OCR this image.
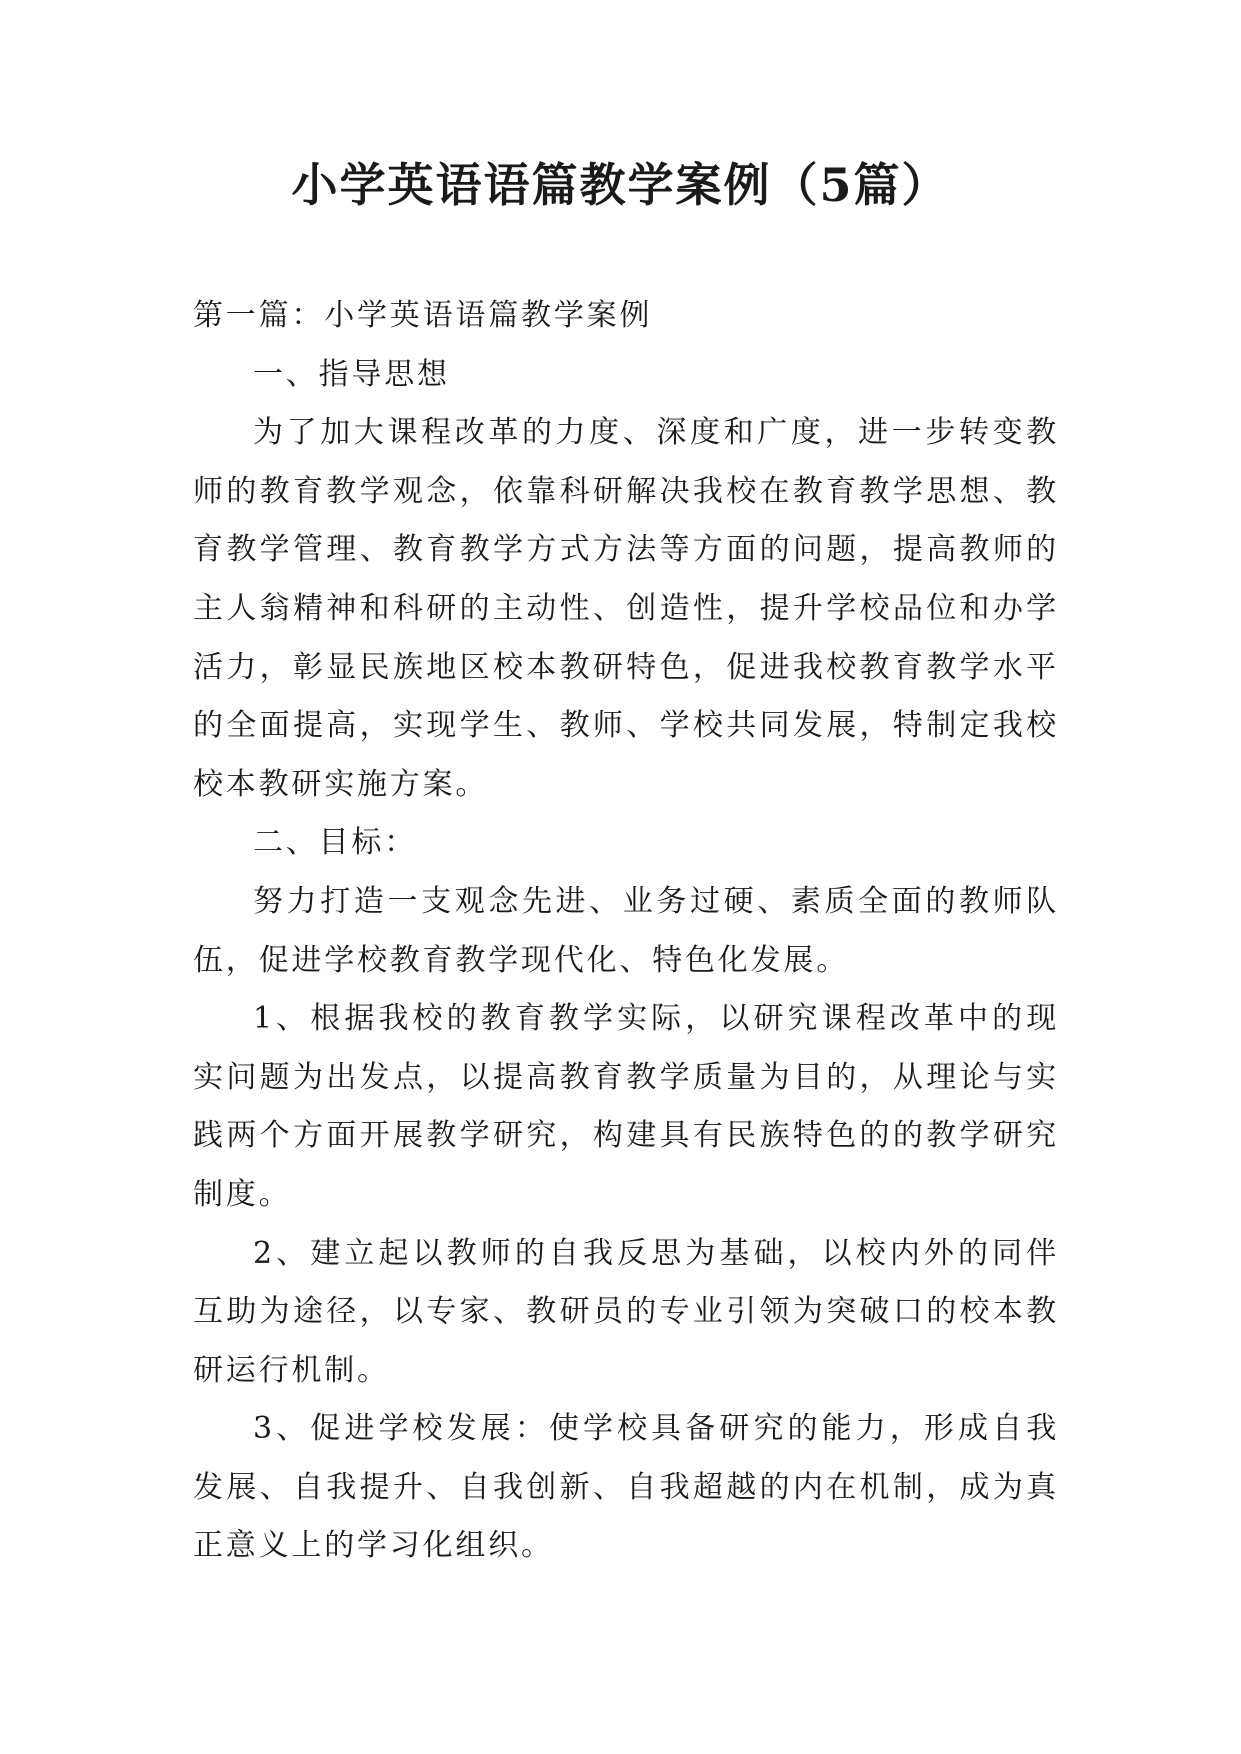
小学英语语篇教学案例（5篇）

第一篇：小学英语语篇教学案例

一、指导思想

为了加大课程改革的力度、深度和广度，进一步转变教师的教育教学观念，依靠科研解决我校在教育教学思想、教育教学管理、教育教学方式方法等方面的问题，提高教师的主人翁精神和科研的主动性、创造性，提升学校品位和办学活力，彰显民族地区校本教研特色，促进我校教育教学水平的全面提高，实现学生、教师、学校共同发展，特制定我校校本教研实施方案。

二、目标：

努力打造一支观念先进、业务过硬、素质全面的教师队伍，促进学校教育教学现代化、特色化发展。

1、根据我校的教育教学实际，以研究课程改革中的现实问题为出发点，以提高教育教学质量为目的，从理论与实践两个方面开展教学研究，构建具有民族特色的的教学研究制度。

2、建立起以教师的自我反思为基础，以校内外的同伴互助为途径，以专家、教研员的专业引领为突破口的校本教研运行机制。

3、促进学校发展：使学校具备研究的能力，形成自我发展、自我提升、自我创新、自我超越的内在机制，成为真正意义上的学习化组织。
